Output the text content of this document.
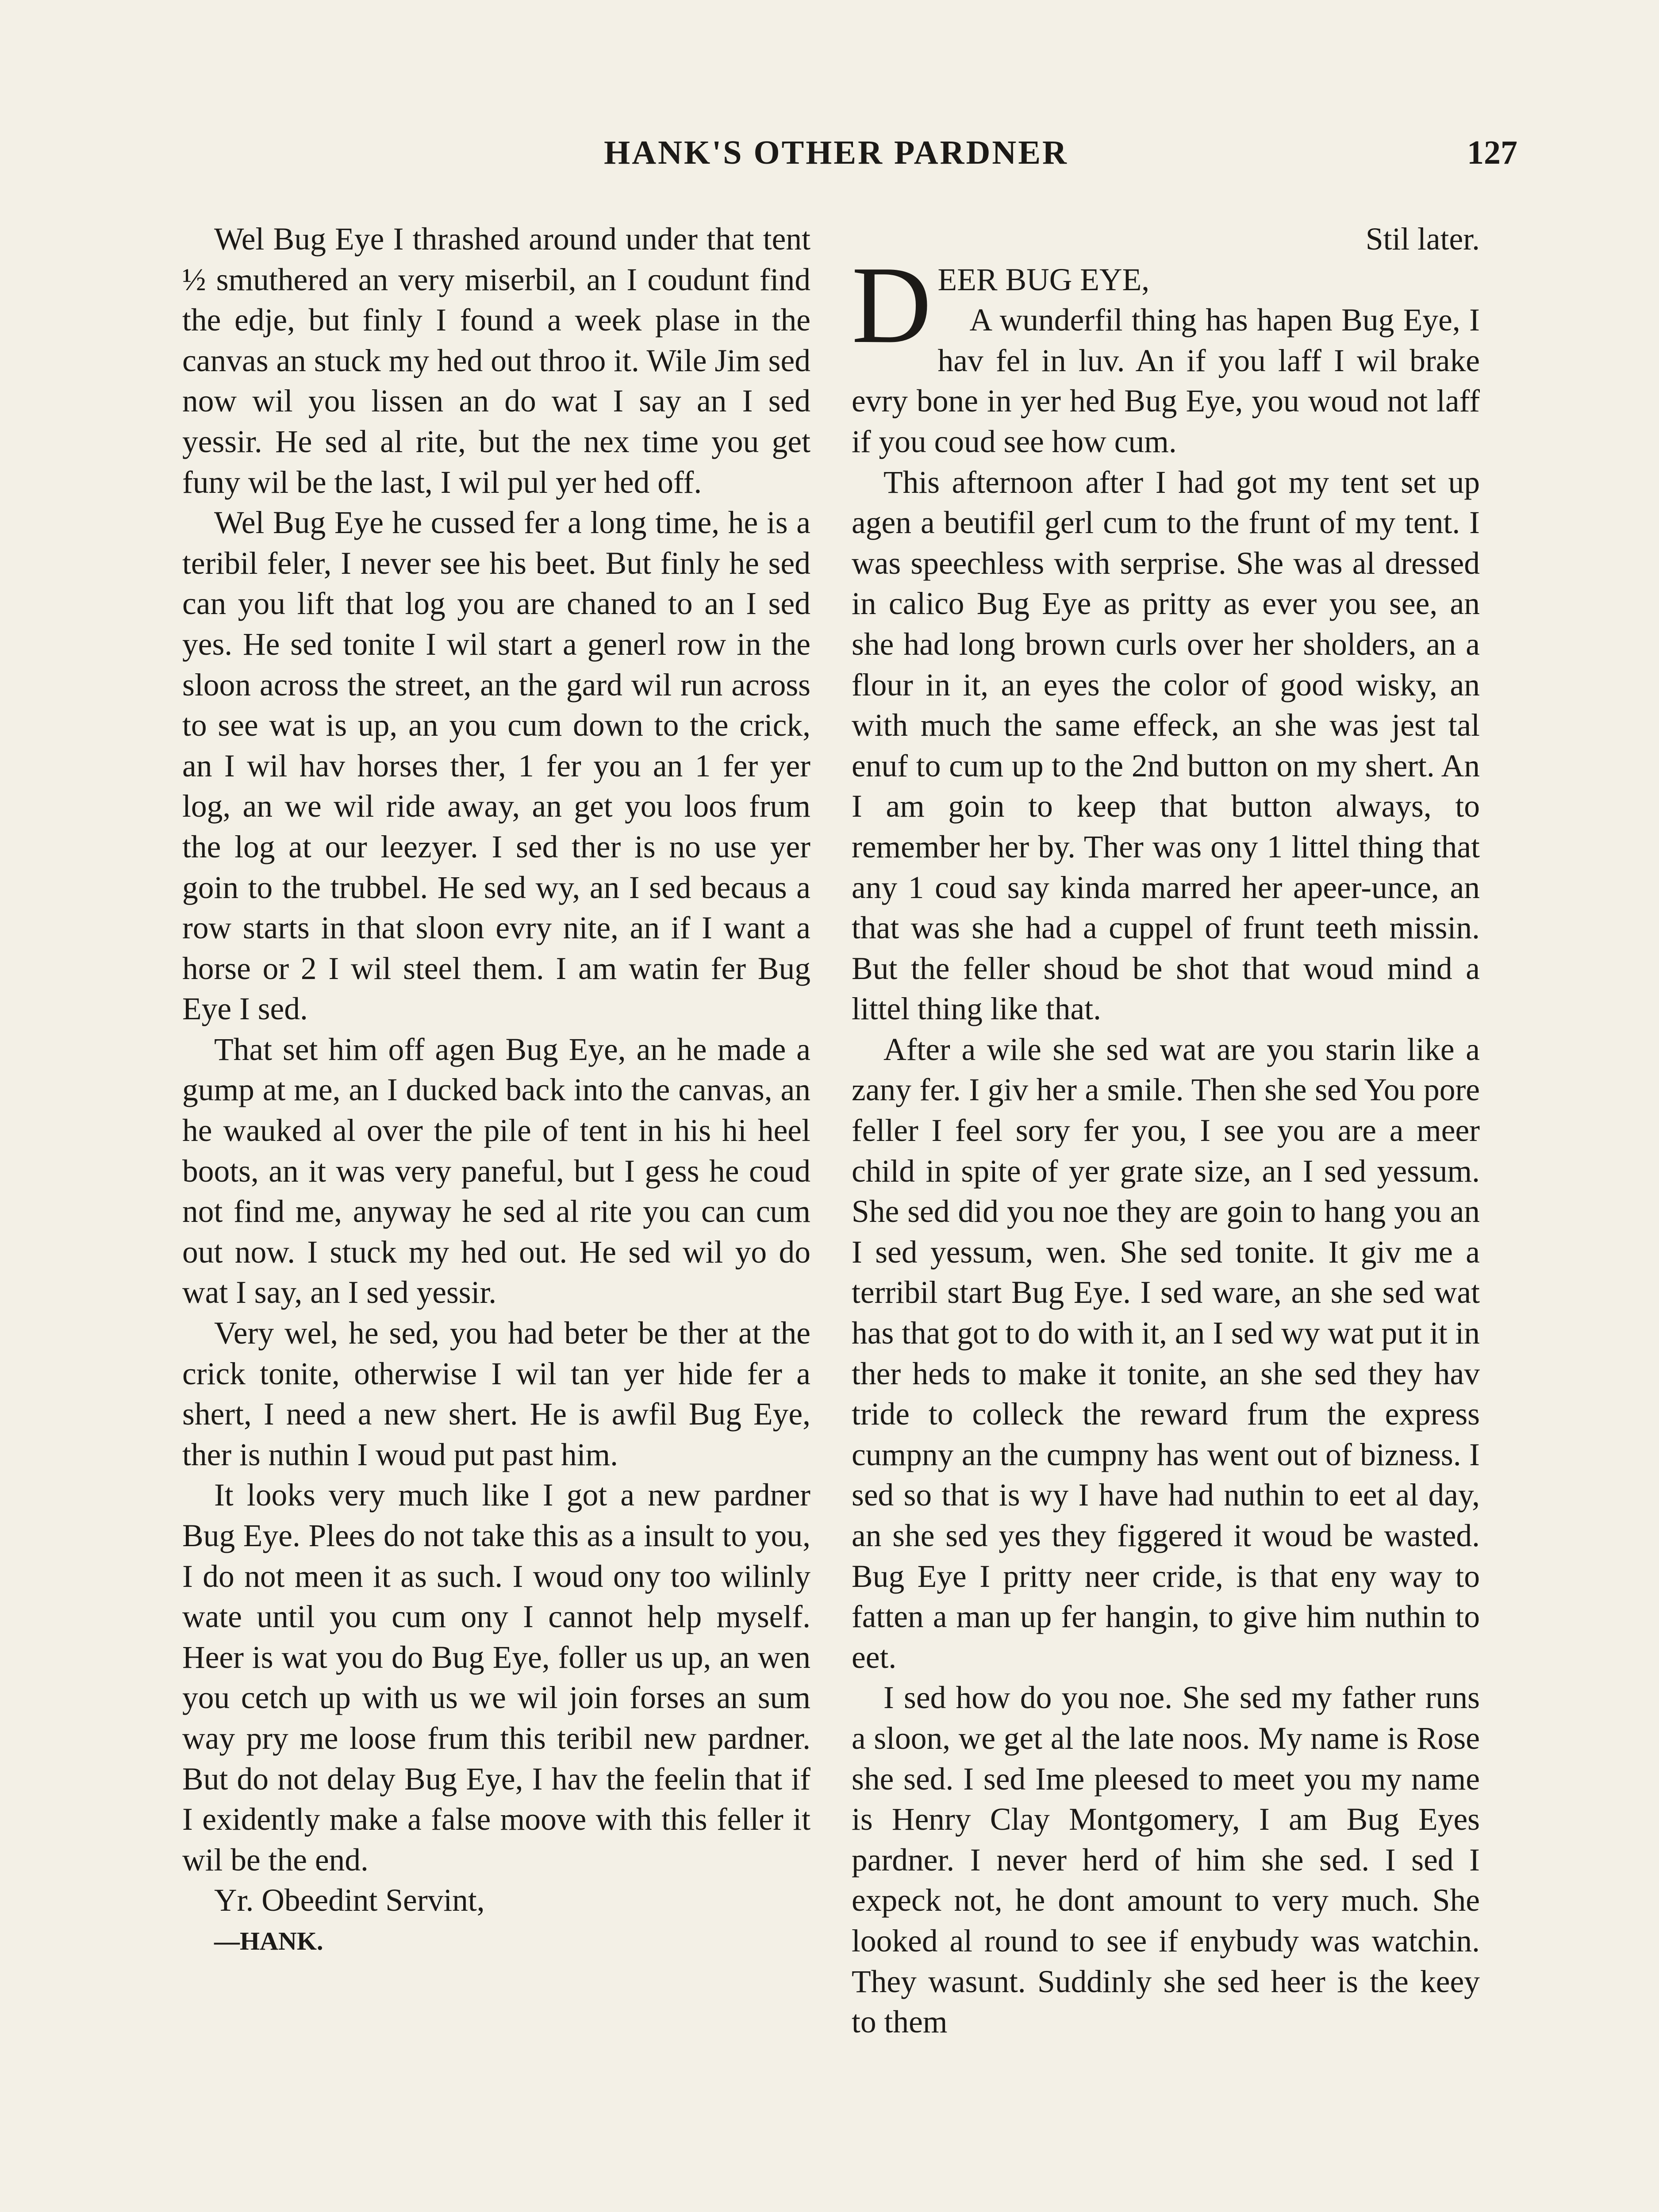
HANK'S OTHER PARDNER	127

Wel Bug Eye I thrashed around under that tent ½ smuthered an very miserbil, an I coudunt find the edje, but finly I found a week plase in the canvas an stuck my hed out throo it. Wile Jim sed now wil you lissen an do wat I say an I sed yessir. He sed al rite, but the nex time you get funy wil be the last, I wil pul yer hed off.

Wel Bug Eye he cussed fer a long time, he is a teribil feler, I never see his beet. But finly he sed can you lift that log you are chaned to an I sed yes. He sed tonite I wil start a generl row in the sloon across the street, an the gard wil run across to see wat is up, an you cum down to the crick, an I wil hav horses ther, 1 fer you an 1 fer yer log, an we wil ride away, an get you loos frum the log at our leezyer. I sed ther is no use yer goin to the trubbel. He sed wy, an I sed becaus a row starts in that sloon evry nite, an if I want a horse or 2 I wil steel them. I am watin fer Bug Eye I sed.

That set him off agen Bug Eye, an he made a gump at me, an I ducked back into the canvas, an he wauked al over the pile of tent in his hi heel boots, an it was very paneful, but I gess he coud not find me, anyway he sed al rite you can cum out now. I stuck my hed out. He sed wil yo do wat I say, an I sed yessir.

Very wel, he sed, you had beter be ther at the crick tonite, otherwise I wil tan yer hide fer a shert, I need a new shert. He is awfil Bug Eye, ther is nuthin I woud put past him.

It looks very much like I got a new pardner Bug Eye. Plees do not take this as a insult to you, I do not meen it as such. I woud ony too wilinly wate until you cum ony I cannot help myself. Heer is wat you do Bug Eye, foller us up, an wen you cetch up with us we wil join forses an sum way pry me loose frum this teribil new pardner. But do not delay Bug Eye, I hav the feelin that if I exidently make a false moove with this feller it wil be the end.

Yr. Obeedint Servint,

—HANK.

Stil later.

DEER BUG EYE,
A wunderfil thing has hapen Bug Eye, I hav fel in luv. An if you laff I wil brake evry bone in yer hed Bug Eye, you woud not laff if you coud see how cum.

This afternoon after I had got my tent set up agen a beutifil gerl cum to the frunt of my tent. I was speechless with serprise. She was al dressed in calico Bug Eye as pritty as ever you see, an she had long brown curls over her sholders, an a flour in it, an eyes the color of good wisky, an with much the same effeck, an she was jest tal enuf to cum up to the 2nd button on my shert. An I am goin to keep that button always, to remember her by. Ther was ony 1 littel thing that any 1 coud say kinda marred her apeer-unce, an that was she had a cuppel of frunt teeth missin. But the feller shoud be shot that woud mind a littel thing like that.

After a wile she sed wat are you starin like a zany fer. I giv her a smile. Then she sed You pore feller I feel sory fer you, I see you are a meer child in spite of yer grate size, an I sed yessum. She sed did you noe they are goin to hang you an I sed yessum, wen. She sed tonite. It giv me a terribil start Bug Eye. I sed ware, an she sed wat has that got to do with it, an I sed wy wat put it in ther heds to make it tonite, an she sed they hav tride to colleck the reward frum the express cumpny an the cumpny has went out of bizness. I sed so that is wy I have had nuthin to eet al day, an she sed yes they figgered it woud be wasted. Bug Eye I pritty neer cride, is that eny way to fatten a man up fer hangin, to give him nuthin to eet.

I sed how do you noe. She sed my father runs a sloon, we get al the late noos. My name is Rose she sed. I sed Ime pleesed to meet you my name is Henry Clay Montgomery, I am Bug Eyes pardner. I never herd of him she sed. I sed I expeck not, he dont amount to very much. She looked al round to see if enybudy was watchin. They wasunt. Suddinly she sed heer is the keey to them
